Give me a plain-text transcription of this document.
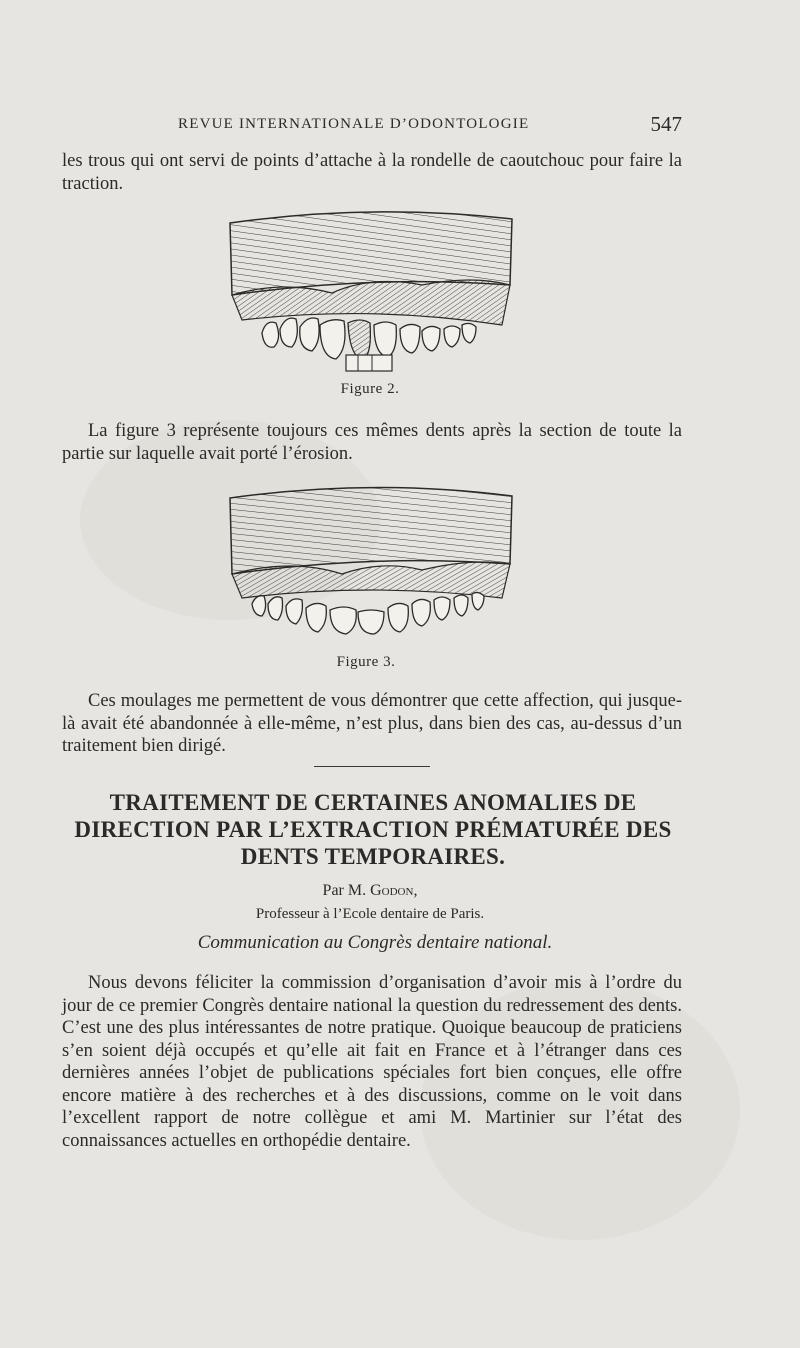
REVUE INTERNATIONALE D’ODONTOLOGIE	547

les trous qui ont servi de points d’attache à la rondelle de caoutchouc pour faire la traction.

Figure 2.

La figure 3 représente toujours ces mêmes dents après la section de toute la partie sur laquelle avait porté l’érosion.

Figure 3.

Ces moulages me permettent de vous démontrer que cette affection, qui jusque-là avait été abandonnée à elle-même, n’est plus, dans bien des cas, au-dessus d’un traitement bien dirigé.

TRAITEMENT DE CERTAINES ANOMALIES DE DIRECTION PAR L’EXTRACTION PRÉMATURÉE DES DENTS TEMPORAIRES.
Par M. Godon,
Professeur à l’Ecole dentaire de Paris.
Communication au Congrès dentaire national.

Nous devons féliciter la commission d’organisation d’avoir mis à l’ordre du jour de ce premier Congrès dentaire national la question du redressement des dents. C’est une des plus intéressantes de notre pratique. Quoique beaucoup de praticiens s’en soient déjà occupés et qu’elle ait fait en France et à l’étranger dans ces dernières années l’objet de publications spéciales fort bien conçues, elle offre encore matière à des recherches et à des discussions, comme on le voit dans l’excellent rapport de notre collègue et ami M. Martinier sur l’état des connaissances actuelles en orthopédie dentaire.
